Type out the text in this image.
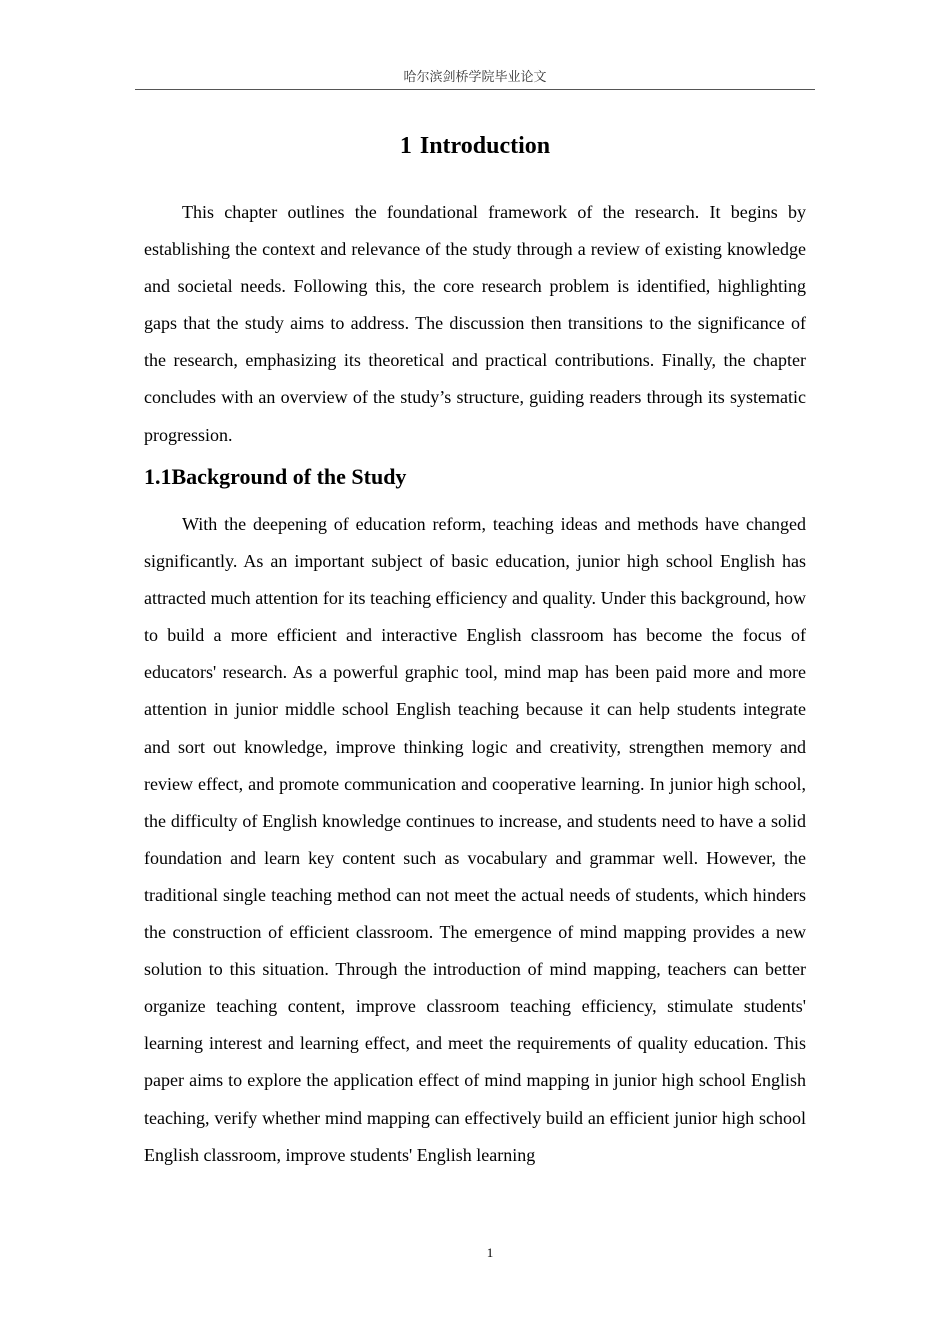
哈尔滨剑桥学院毕业论文
1 Introduction

This chapter outlines the foundational framework of the research. It begins by establishing the context and relevance of the study through a review of existing knowledge and societal needs. Following this, the core research problem is identified, highlighting gaps that the study aims to address. The discussion then transitions to the significance of the research, emphasizing its theoretical and practical contributions. Finally, the chapter concludes with an overview of the study’s structure, guiding readers through its systematic progression.

1.1Background of the Study

With the deepening of education reform, teaching ideas and methods have changed significantly. As an important subject of basic education, junior high school English has attracted much attention for its teaching efficiency and quality. Under this background, how to build a more efficient and interactive English classroom has become the focus of educators' research. As a powerful graphic tool, mind map has been paid more and more attention in junior middle school English teaching because it can help students integrate and sort out knowledge, improve thinking logic and creativity, strengthen memory and review effect, and promote communication and cooperative learning. In junior high school, the difficulty of English knowledge continues to increase, and students need to have a solid foundation and learn key content such as vocabulary and grammar well. However, the traditional single teaching method can not meet the actual needs of students, which hinders the construction of efficient classroom. The emergence of mind mapping provides a new solution to this situation. Through the introduction of mind mapping, teachers can better organize teaching content, improve classroom teaching efficiency, stimulate students' learning interest and learning effect, and meet the requirements of quality education. This paper aims to explore the application effect of mind mapping in junior high school English teaching, verify whether mind mapping can effectively build an efficient junior high school English classroom, improve students' English learning

1
